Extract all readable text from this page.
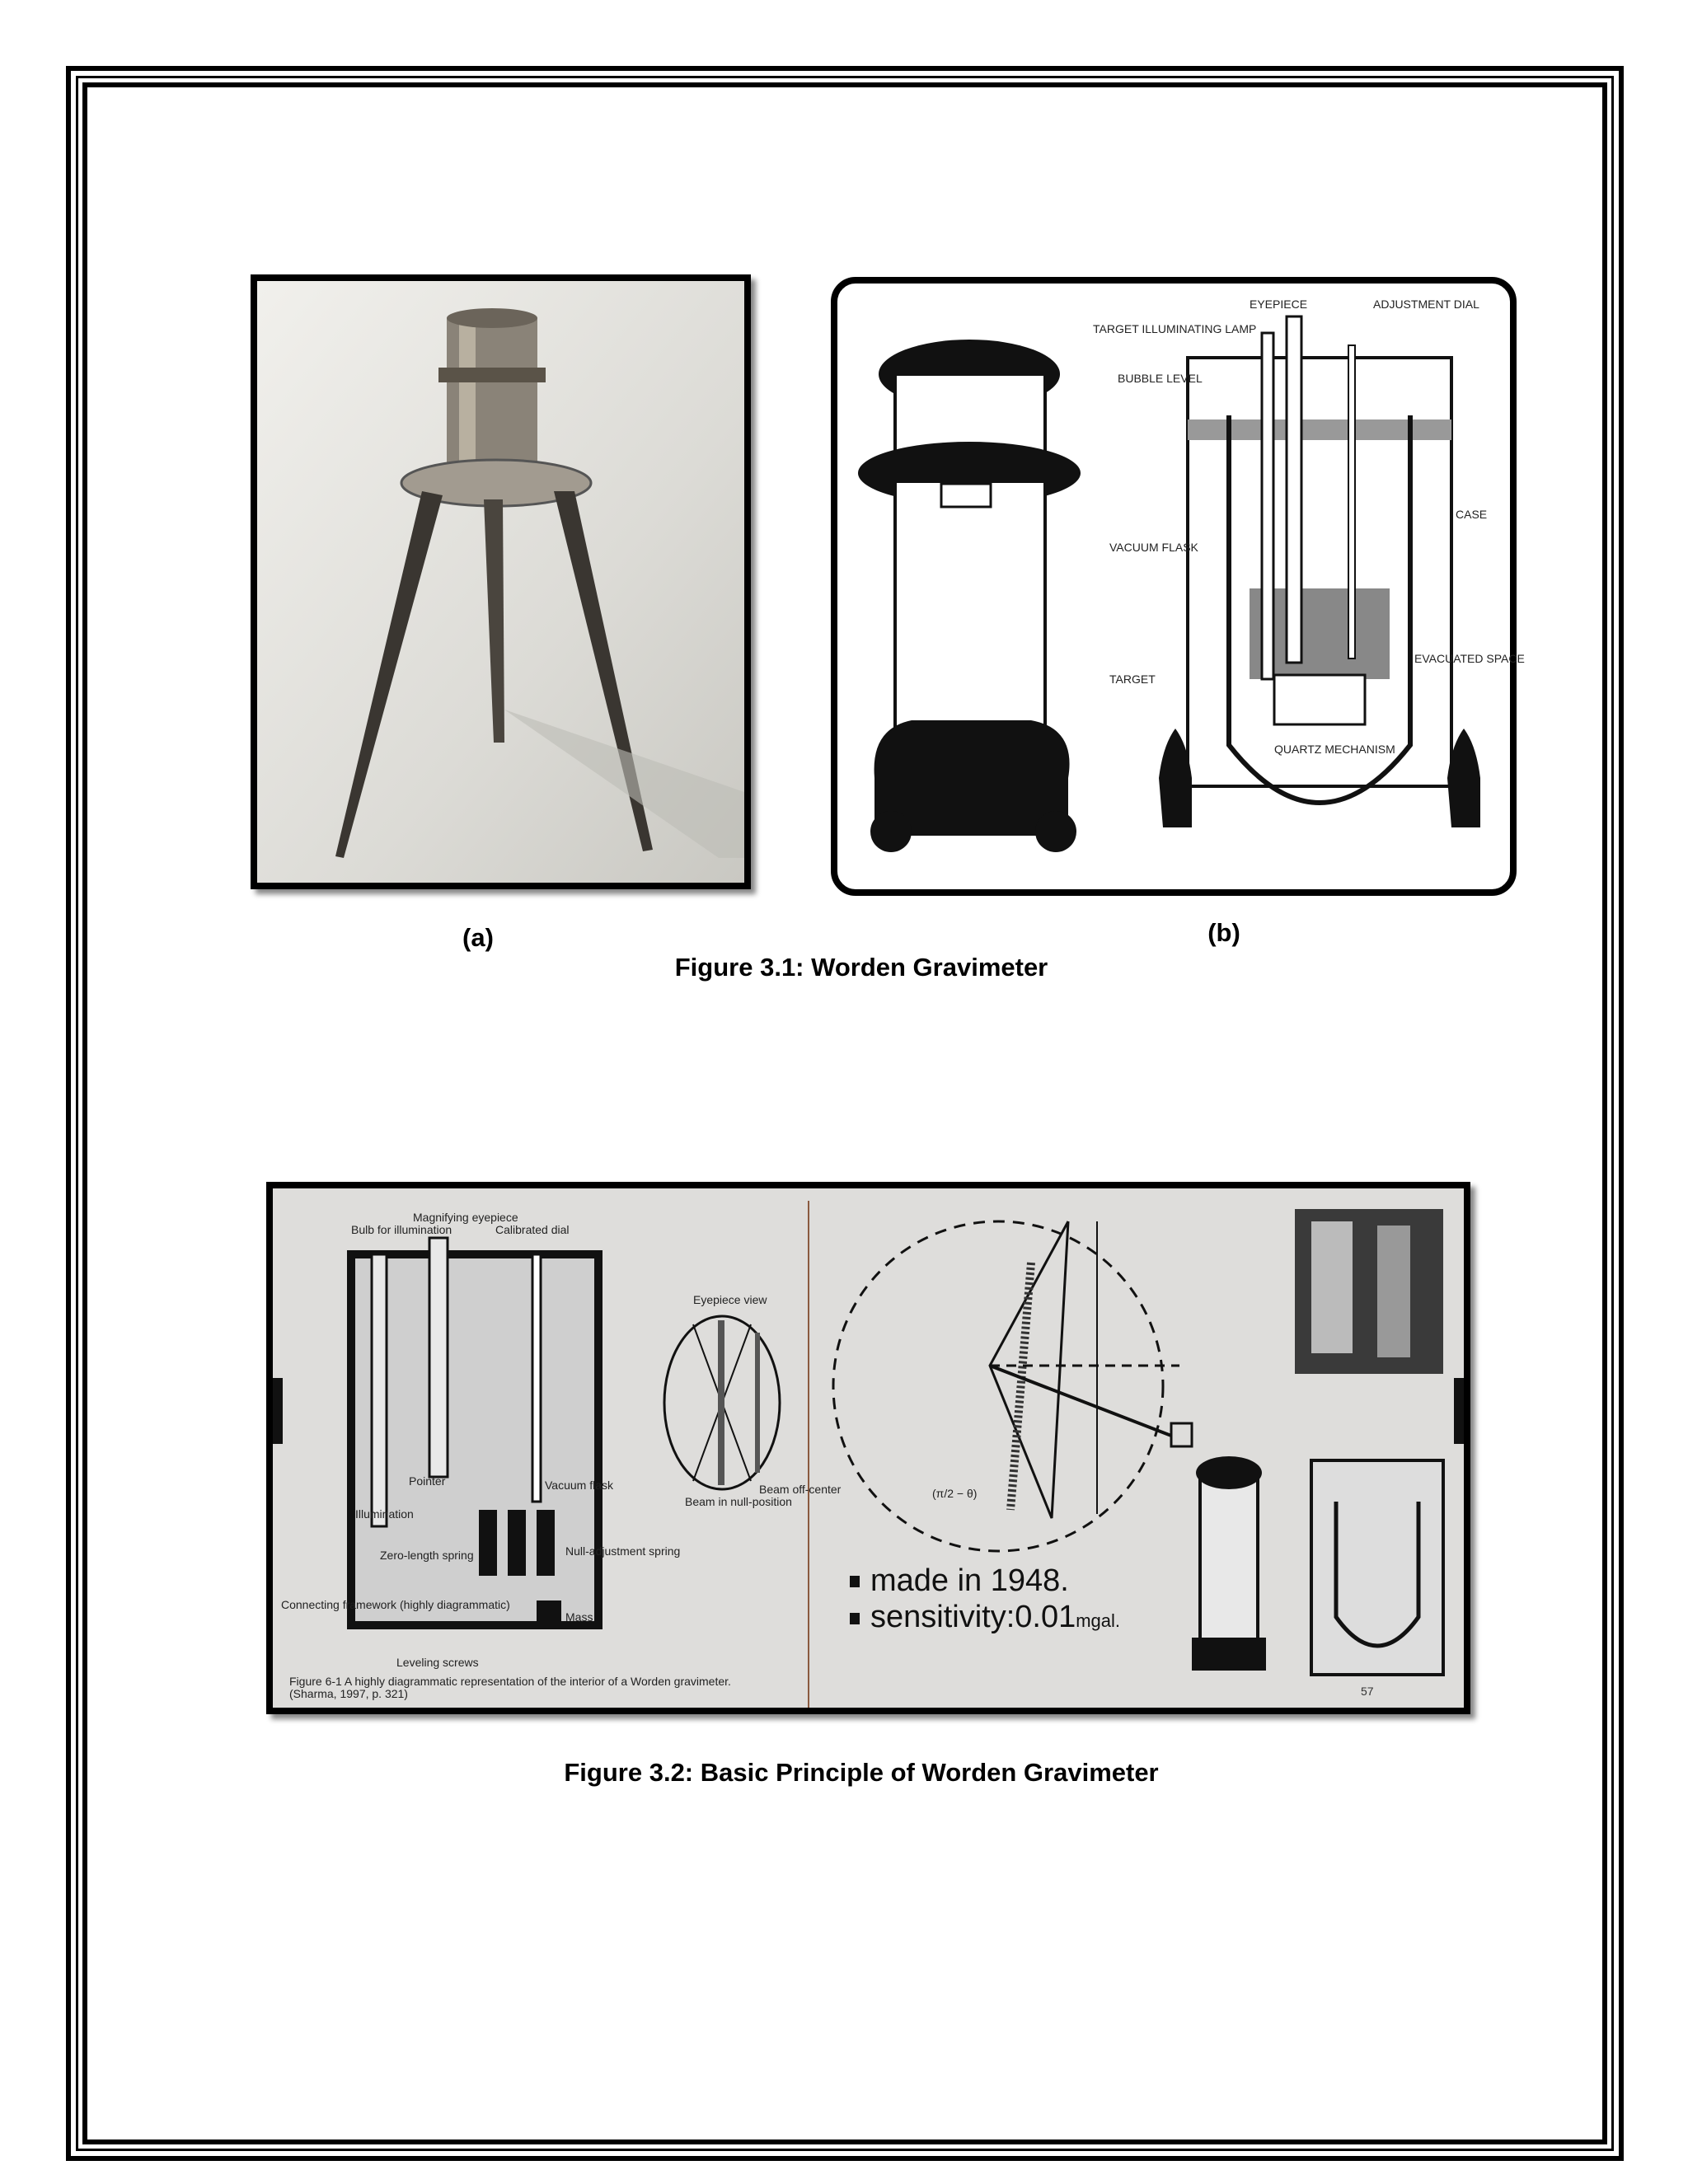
EYEPIECE	ADJUSTMENT DIAL
TARGET ILLUMINATING LAMP
BUBBLE LEVEL
CASE
VACUUM FLASK
TARGET
EVACUATED SPACE
QUARTZ MECHANISM
(a)	(b)
Figure 3.1: Worden Gravimeter
Bulb for illumination
Magnifying eyepiece
Calibrated dial
Pointer	Vacuum flask
Illumination
Zero-length spring	Null-adjustment spring
Connecting framework (highly diagrammatic)
Mass
Leveling screws
Figure 6-1 A highly diagrammatic representation of the interior of a Worden gravimeter.
(Sharma, 1997, p. 321)
Eyepiece view
Beam in null-position
Beam off-center	(π/2 − θ)
made in 1948.
sensitivity:0.01mgal.
57
Figure 3.2: Basic Principle of Worden Gravimeter
